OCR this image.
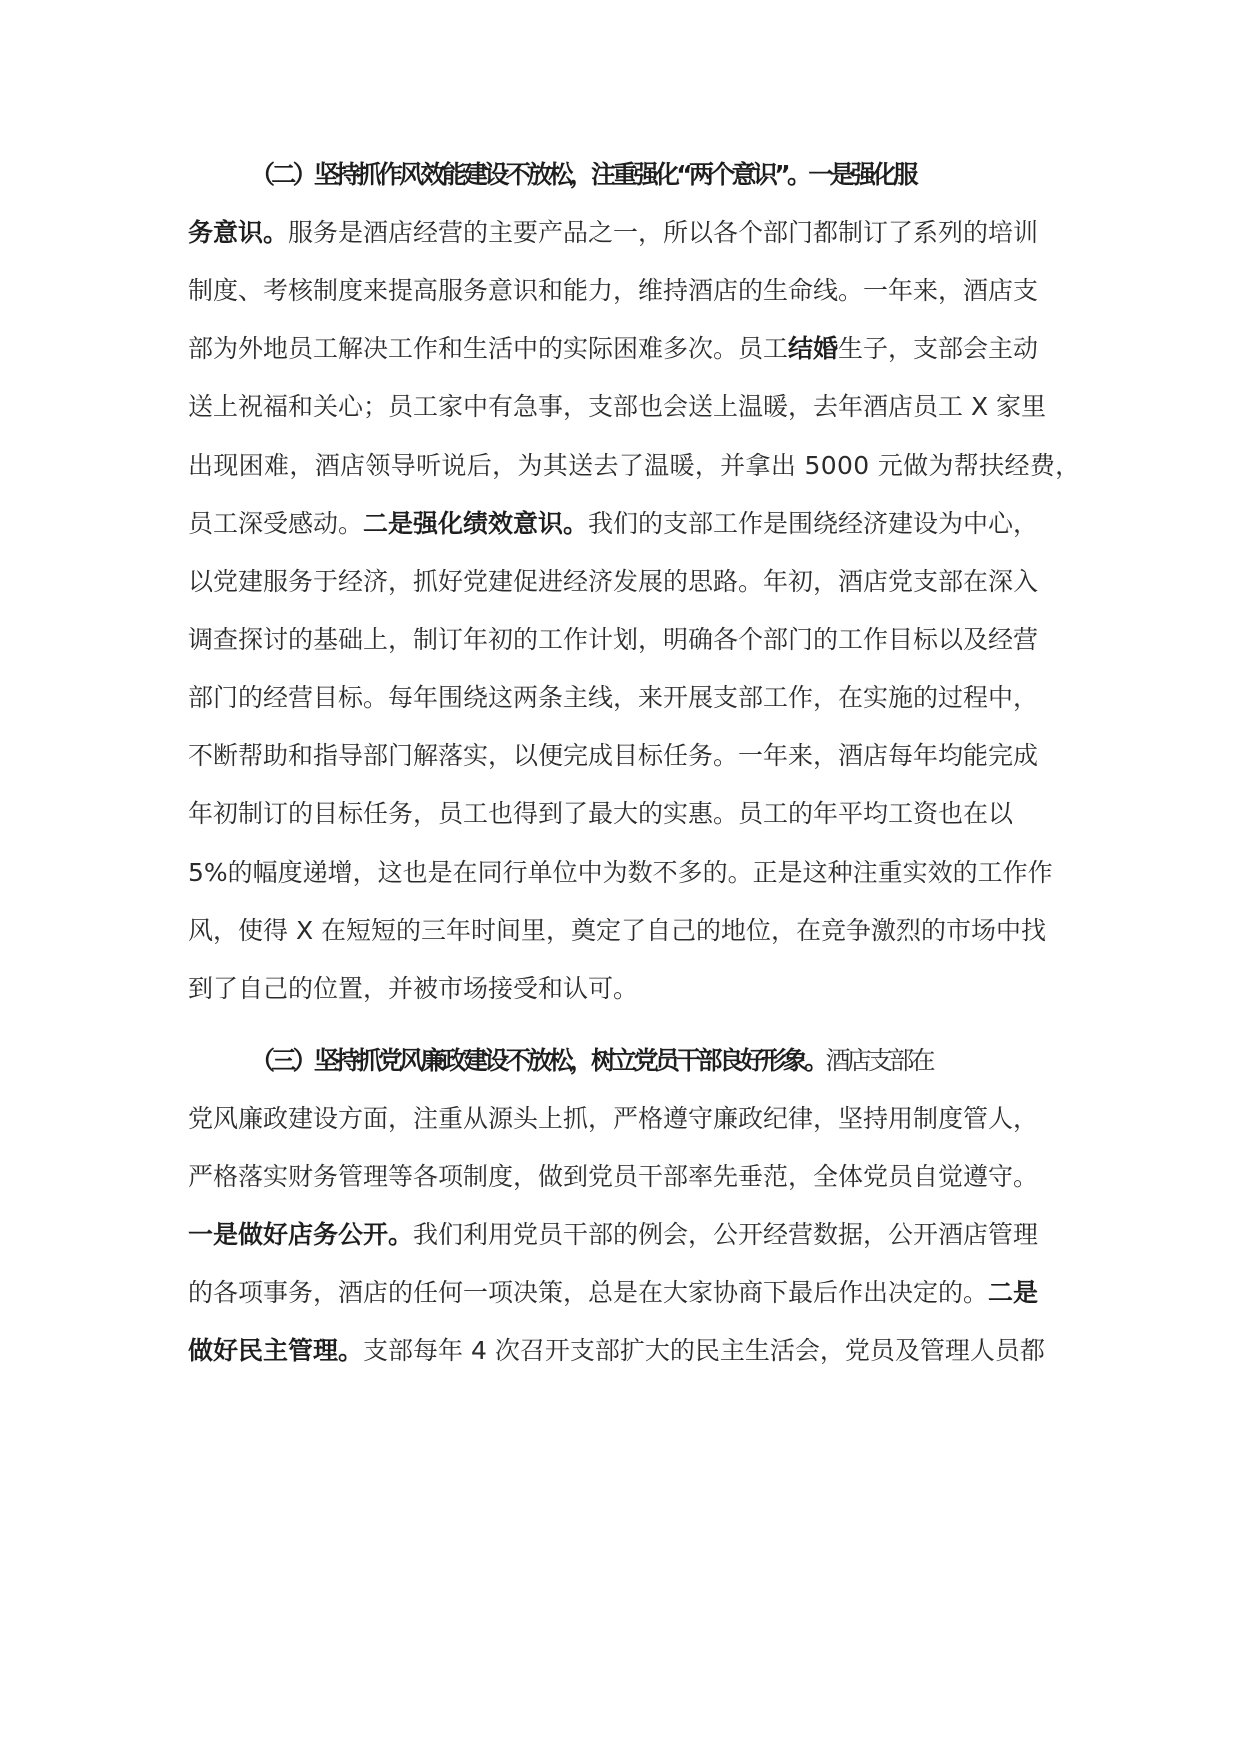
（二）坚持抓作风效能建设不放松，注重强化“两个意识”。一是强化服
务意识。服务是酒店经营的主要产品之一，所以各个部门都制订了系列的培训
制度、考核制度来提高服务意识和能力，维持酒店的生命线。一年来，酒店支
部为外地员工解决工作和生活中的实际困难多次。员工结婚生子，支部会主动
送上祝福和关心；员工家中有急事，支部也会送上温暖，去年酒店员工 X 家里
出现困难，酒店领导听说后，为其送去了温暖，并拿出 5000 元做为帮扶经费，
员工深受感动。二是强化绩效意识。我们的支部工作是围绕经济建设为中心，
以党建服务于经济，抓好党建促进经济发展的思路。年初，酒店党支部在深入
调查探讨的基础上，制订年初的工作计划，明确各个部门的工作目标以及经营
部门的经营目标。每年围绕这两条主线，来开展支部工作，在实施的过程中，
不断帮助和指导部门解落实，以便完成目标任务。一年来，酒店每年均能完成
年初制订的目标任务，员工也得到了最大的实惠。员工的年平均工资也在以
5%的幅度递增，这也是在同行单位中为数不多的。正是这种注重实效的工作作
风，使得 X 在短短的三年时间里，奠定了自己的地位，在竞争激烈的市场中找
到了自己的位置，并被市场接受和认可。
（三）坚持抓党风廉政建设不放松，树立党员干部良好形象。酒店支部在
党风廉政建设方面，注重从源头上抓，严格遵守廉政纪律，坚持用制度管人，
严格落实财务管理等各项制度，做到党员干部率先垂范，全体党员自觉遵守。
一是做好店务公开。我们利用党员干部的例会，公开经营数据，公开酒店管理
的各项事务，酒店的任何一项决策，总是在大家协商下最后作出决定的。二是
做好民主管理。支部每年 4 次召开支部扩大的民主生活会，党员及管理人员都
